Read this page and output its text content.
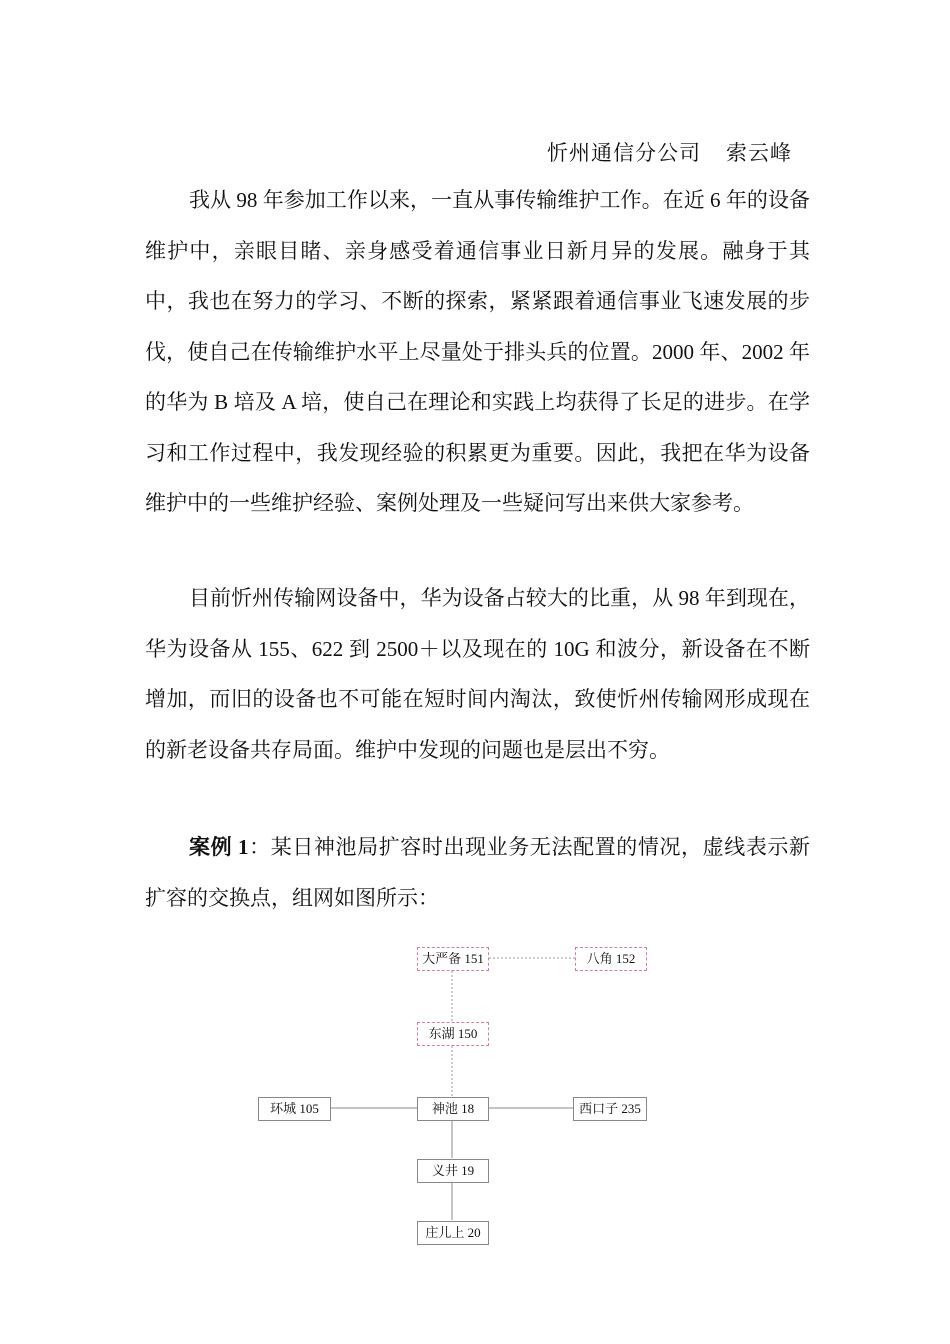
忻州通信分公司    索云峰

我从 98 年参加工作以来，一直从事传输维护工作。在近 6 年的设备维护中，亲眼目睹、亲身感受着通信事业日新月异的发展。融身于其中，我也在努力的学习、不断的探索，紧紧跟着通信事业飞速发展的步伐，使自己在传输维护水平上尽量处于排头兵的位置。2000 年、2002 年的华为 B 培及 A 培，使自己在理论和实践上均获得了长足的进步。在学习和工作过程中，我发现经验的积累更为重要。因此，我把在华为设备维护中的一些维护经验、案例处理及一些疑问写出来供大家参考。

目前忻州传输网设备中，华为设备占较大的比重，从 98 年到现在，华为设备从 155、622 到 2500＋以及现在的 10G 和波分，新设备在不断增加，而旧的设备也不可能在短时间内淘汰，致使忻州传输网形成现在的新老设备共存局面。维护中发现的问题也是层出不穷。

案例 1：某日神池局扩容时出现业务无法配置的情况，虚线表示新扩容的交换点，组网如图所示：

大严备 151	八角 152
东湖 150
环城 105	神池 18	西口子 235
义井 19
庄儿上 20
